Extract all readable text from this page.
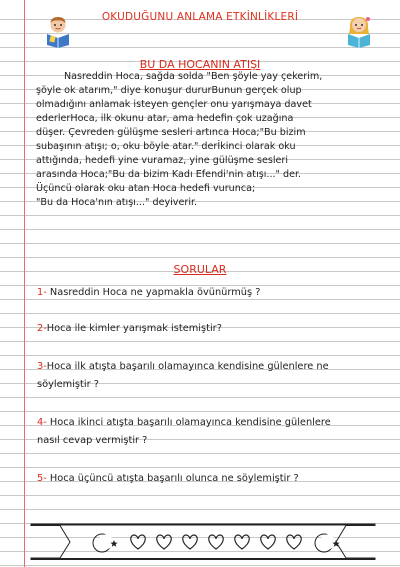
OKUDUĞUNU ANLAMA ETKİNLİKLERİ
BU DA HOCANIN ATIŞI
Nasreddin Hoca, sağda solda "Ben şöyle yay çekerim,
şöyle ok atarım," diye konuşur dururBunun gerçek olup
olmadığını anlamak isteyen gençler onu yarışmaya davet
ederlerHoca, ilk okunu atar, ama hedefin çok uzağına
düşer. Çevreden gülüşme sesleri artınca Hoca;"Bu bizim
subaşının atışı; o, oku böyle atar." derİkinci olarak oku
attığında, hedefi yine vuramaz, yine gülüşme sesleri
arasında Hoca;"Bu da bizim Kadı Efendi'nin atışı..." der.
Üçüncü olarak oku atan Hoca hedefi vurunca;
"Bu da Hoca'nın atışı..." deyiverir.
SORULAR
1- Nasreddin Hoca ne yapmakla övünürmüş ?
2-Hoca ile kimler yarışmak istemiştir?
3-Hoca ilk atışta başarılı olamayınca kendisine gülenlere ne
söylemiştir ?
4- Hoca ikinci atışta başarılı olamayınca kendisine gülenlere
nasıl cevap vermiştir ?
5- Hoca üçüncü atışta başarılı olunca ne söylemiştir ?
